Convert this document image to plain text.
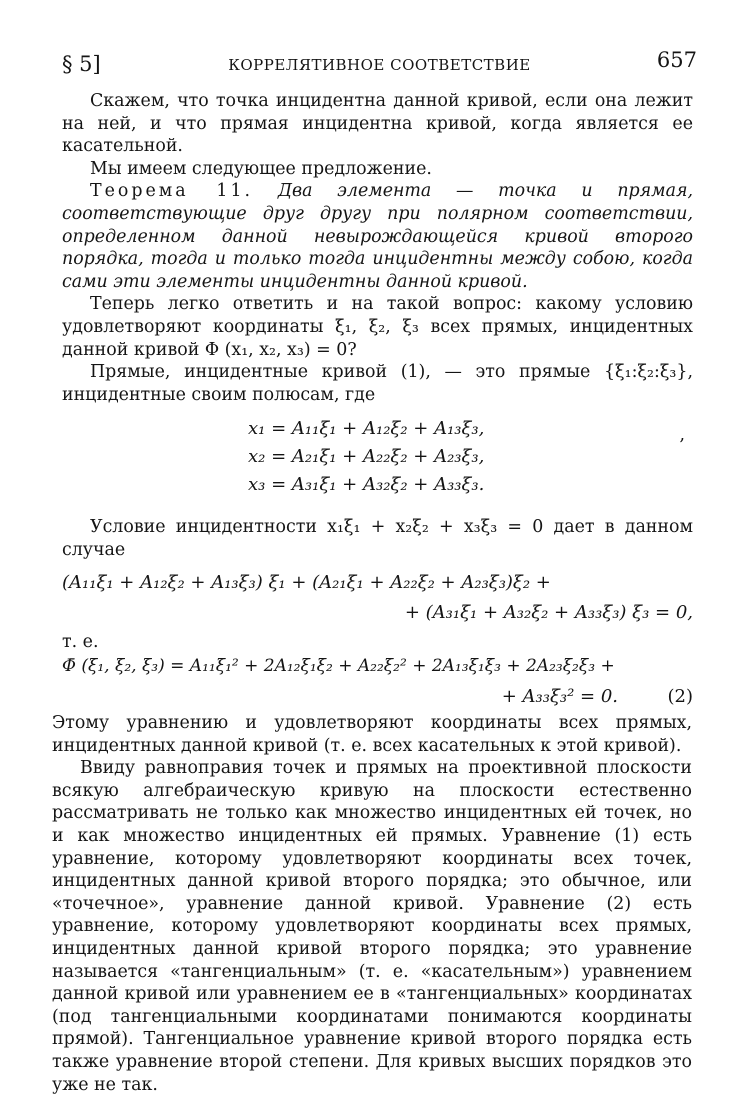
§ 5]	КОРРЕЛЯТИВНОЕ СООТВЕТСТВИЕ	657

Скажем, что точка инцидентна данной кривой, если она лежит на ней, и что прямая инцидентна кривой, когда является ее касательной.

Мы имеем следующее предложение.

Теорема 11. Два элемента — точка и прямая, соответствующие друг другу при полярном соответствии, определенном данной невырождающейся кривой второго порядка, тогда и только тогда инцидентны между собою, когда сами эти элементы инцидентны данной кривой.

Теперь легко ответить и на такой вопрос: какому условию удовлетворяют координаты ξ₁, ξ₂, ξ₃ всех прямых, инцидентных данной кривой Φ (x₁, x₂, x₃) = 0?

Прямые, инцидентные кривой (1), — это прямые {ξ₁:ξ₂:ξ₃}, инцидентные своим полюсам, где

x₁ = A₁₁ξ₁ + A₁₂ξ₂ + A₁₃ξ₃,
x₂ = A₂₁ξ₁ + A₂₂ξ₂ + A₂₃ξ₃,
x₃ = A₃₁ξ₁ + A₃₂ξ₂ + A₃₃ξ₃.
,

Условие инцидентности x₁ξ₁ + x₂ξ₂ + x₃ξ₃ = 0 дает в данном случае

(A₁₁ξ₁ + A₁₂ξ₂ + A₁₃ξ₃) ξ₁ + (A₂₁ξ₁ + A₂₂ξ₂ + A₂₃ξ₃)ξ₂ +
+ (A₃₁ξ₁ + A₃₂ξ₂ + A₃₃ξ₃) ξ₃ = 0,

т. е.

Φ̄ (ξ₁, ξ₂, ξ₃) = A₁₁ξ₁² + 2A₁₂ξ₁ξ₂ + A₂₂ξ₂² + 2A₁₃ξ₁ξ₃ + 2A₂₃ξ₂ξ₃ +
+ A₃₃ξ₃² = 0.	(2)

Этому уравнению и удовлетворяют координаты всех прямых, инцидентных данной кривой (т. е. всех касательных к этой кривой).

Ввиду равноправия точек и прямых на проективной плоскости всякую алгебраическую кривую на плоскости естественно рассматривать не только как множество инцидентных ей точек, но и как множество инцидентных ей прямых. Уравнение (1) есть уравнение, которому удовлетворяют координаты всех точек, инцидентных данной кривой второго порядка; это обычное, или «точечное», уравнение данной кривой. Уравнение (2) есть уравнение, которому удовлетворяют координаты всех прямых, инцидентных данной кривой второго порядка; это уравнение называется «тангенциальным» (т. е. «касательным») уравнением данной кривой или уравнением ее в «тангенциальных» координатах (под тангенциальными координатами понимаются координаты прямой). Тангенциальное уравнение кривой второго порядка есть также уравнение второй степени. Для кривых высших порядков это уже не так.
